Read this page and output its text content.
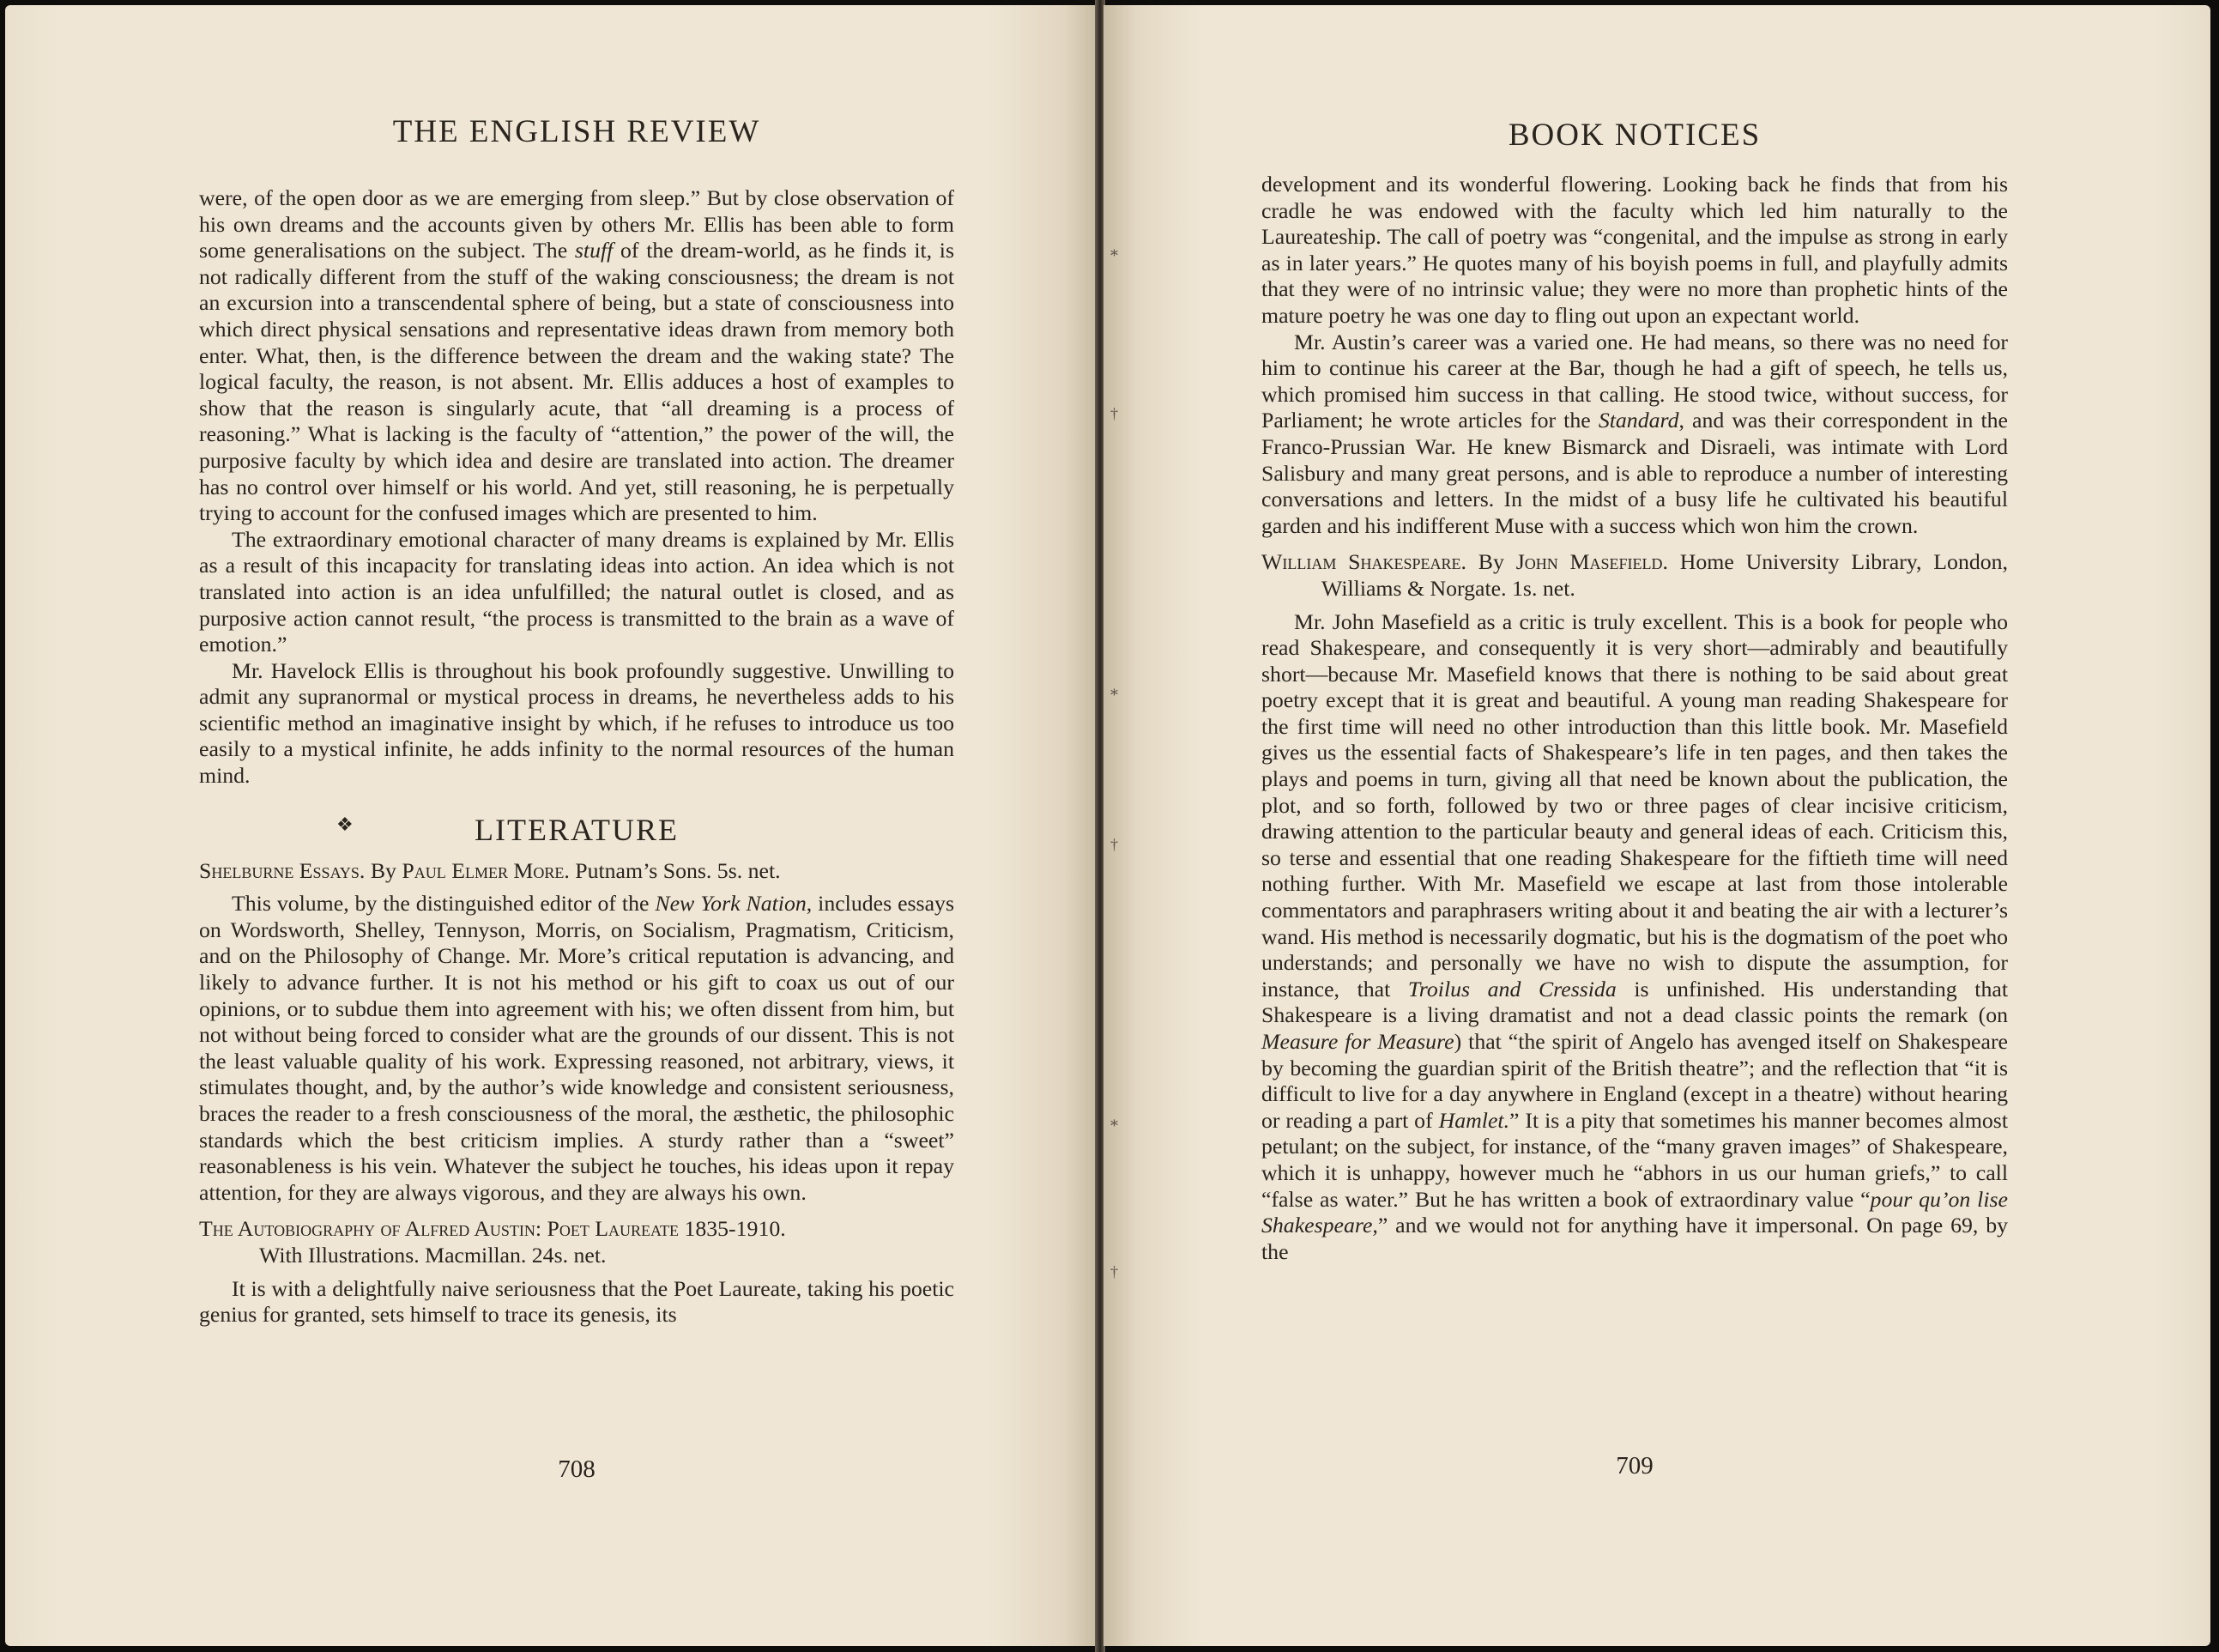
THE ENGLISH REVIEW

were, of the open door as we are emerging from sleep.” But by close observation of his own dreams and the accounts given by others Mr. Ellis has been able to form some generalisations on the subject. The stuff of the dream-world, as he finds it, is not radically different from the stuff of the waking consciousness; the dream is not an excursion into a transcendental sphere of being, but a state of consciousness into which direct physical sensations and representative ideas drawn from memory both enter. What, then, is the difference between the dream and the waking state? The logical faculty, the reason, is not absent. Mr. Ellis adduces a host of examples to show that the reason is singularly acute, that “all dreaming is a process of reasoning.” What is lacking is the faculty of “attention,” the power of the will, the purposive faculty by which idea and desire are translated into action. The dreamer has no control over himself or his world. And yet, still reasoning, he is perpetually trying to account for the confused images which are presented to him.

The extraordinary emotional character of many dreams is explained by Mr. Ellis as a result of this incapacity for translating ideas into action. An idea which is not translated into action is an idea unfulfilled; the natural outlet is closed, and as purposive action cannot result, “the process is transmitted to the brain as a wave of emotion.”

Mr. Havelock Ellis is throughout his book profoundly suggestive. Unwilling to admit any supranormal or mystical process in dreams, he nevertheless adds to his scientific method an imaginative insight by which, if he refuses to introduce us too easily to a mystical infinite, he adds infinity to the normal resources of the human mind.

❖	LITERATURE

Shelburne Essays. By Paul Elmer More. Putnam’s Sons. 5s. net.

This volume, by the distinguished editor of the New York Nation, includes essays on Wordsworth, Shelley, Tennyson, Morris, on Socialism, Pragmatism, Criticism, and on the Philosophy of Change. Mr. More’s critical reputation is advancing, and likely to advance further. It is not his method or his gift to coax us out of our opinions, or to subdue them into agreement with his; we often dissent from him, but not without being forced to consider what are the grounds of our dissent. This is not the least valuable quality of his work. Expressing reasoned, not arbitrary, views, it stimulates thought, and, by the author’s wide knowledge and consistent seriousness, braces the reader to a fresh consciousness of the moral, the æsthetic, the philosophic standards which the best criticism implies. A sturdy rather than a “sweet” reasonableness is his vein. Whatever the subject he touches, his ideas upon it repay attention, for they are always vigorous, and they are always his own.

The Autobiography of Alfred Austin: Poet Laureate 1835-1910.
With Illustrations. Macmillan. 24s. net.

It is with a delightfully naive seriousness that the Poet Laureate, taking his poetic genius for granted, sets himself to trace its genesis, its

708
⁎
†
⁎
†
⁎
†
BOOK NOTICES

development and its wonderful flowering. Looking back he finds that from his cradle he was endowed with the faculty which led him naturally to the Laureateship. The call of poetry was “congenital, and the impulse as strong in early as in later years.” He quotes many of his boyish poems in full, and playfully admits that they were of no intrinsic value; they were no more than prophetic hints of the mature poetry he was one day to fling out upon an expectant world.

Mr. Austin’s career was a varied one. He had means, so there was no need for him to continue his career at the Bar, though he had a gift of speech, he tells us, which promised him success in that calling. He stood twice, without success, for Parliament; he wrote articles for the Standard, and was their correspondent in the Franco-Prussian War. He knew Bismarck and Disraeli, was intimate with Lord Salisbury and many great persons, and is able to reproduce a number of interesting conversations and letters. In the midst of a busy life he cultivated his beautiful garden and his indifferent Muse with a success which won him the crown.

William Shakespeare. By John Masefield. Home University Library, London, Williams & Norgate. 1s. net.

Mr. John Masefield as a critic is truly excellent. This is a book for people who read Shakespeare, and consequently it is very short—admirably and beautifully short—because Mr. Masefield knows that there is nothing to be said about great poetry except that it is great and beautiful. A young man reading Shakespeare for the first time will need no other introduction than this little book. Mr. Masefield gives us the essential facts of Shakespeare’s life in ten pages, and then takes the plays and poems in turn, giving all that need be known about the publication, the plot, and so forth, followed by two or three pages of clear incisive criticism, drawing attention to the particular beauty and general ideas of each. Criticism this, so terse and essential that one reading Shakespeare for the fiftieth time will need nothing further. With Mr. Masefield we escape at last from those intolerable commentators and paraphrasers writing about it and beating the air with a lecturer’s wand. His method is necessarily dogmatic, but his is the dogmatism of the poet who understands; and personally we have no wish to dispute the assumption, for instance, that Troilus and Cressida is unfinished. His understanding that Shakespeare is a living dramatist and not a dead classic points the remark (on Measure for Measure) that “the spirit of Angelo has avenged itself on Shakespeare by becoming the guardian spirit of the British theatre”; and the reflection that “it is difficult to live for a day anywhere in England (except in a theatre) without hearing or reading a part of Hamlet.” It is a pity that sometimes his manner becomes almost petulant; on the subject, for instance, of the “many graven images” of Shakespeare, which it is unhappy, however much he “abhors in us our human griefs,” to call “false as water.” But he has written a book of extraordinary value “pour qu’on lise Shakespeare,” and we would not for anything have it impersonal. On page 69, by the

709
